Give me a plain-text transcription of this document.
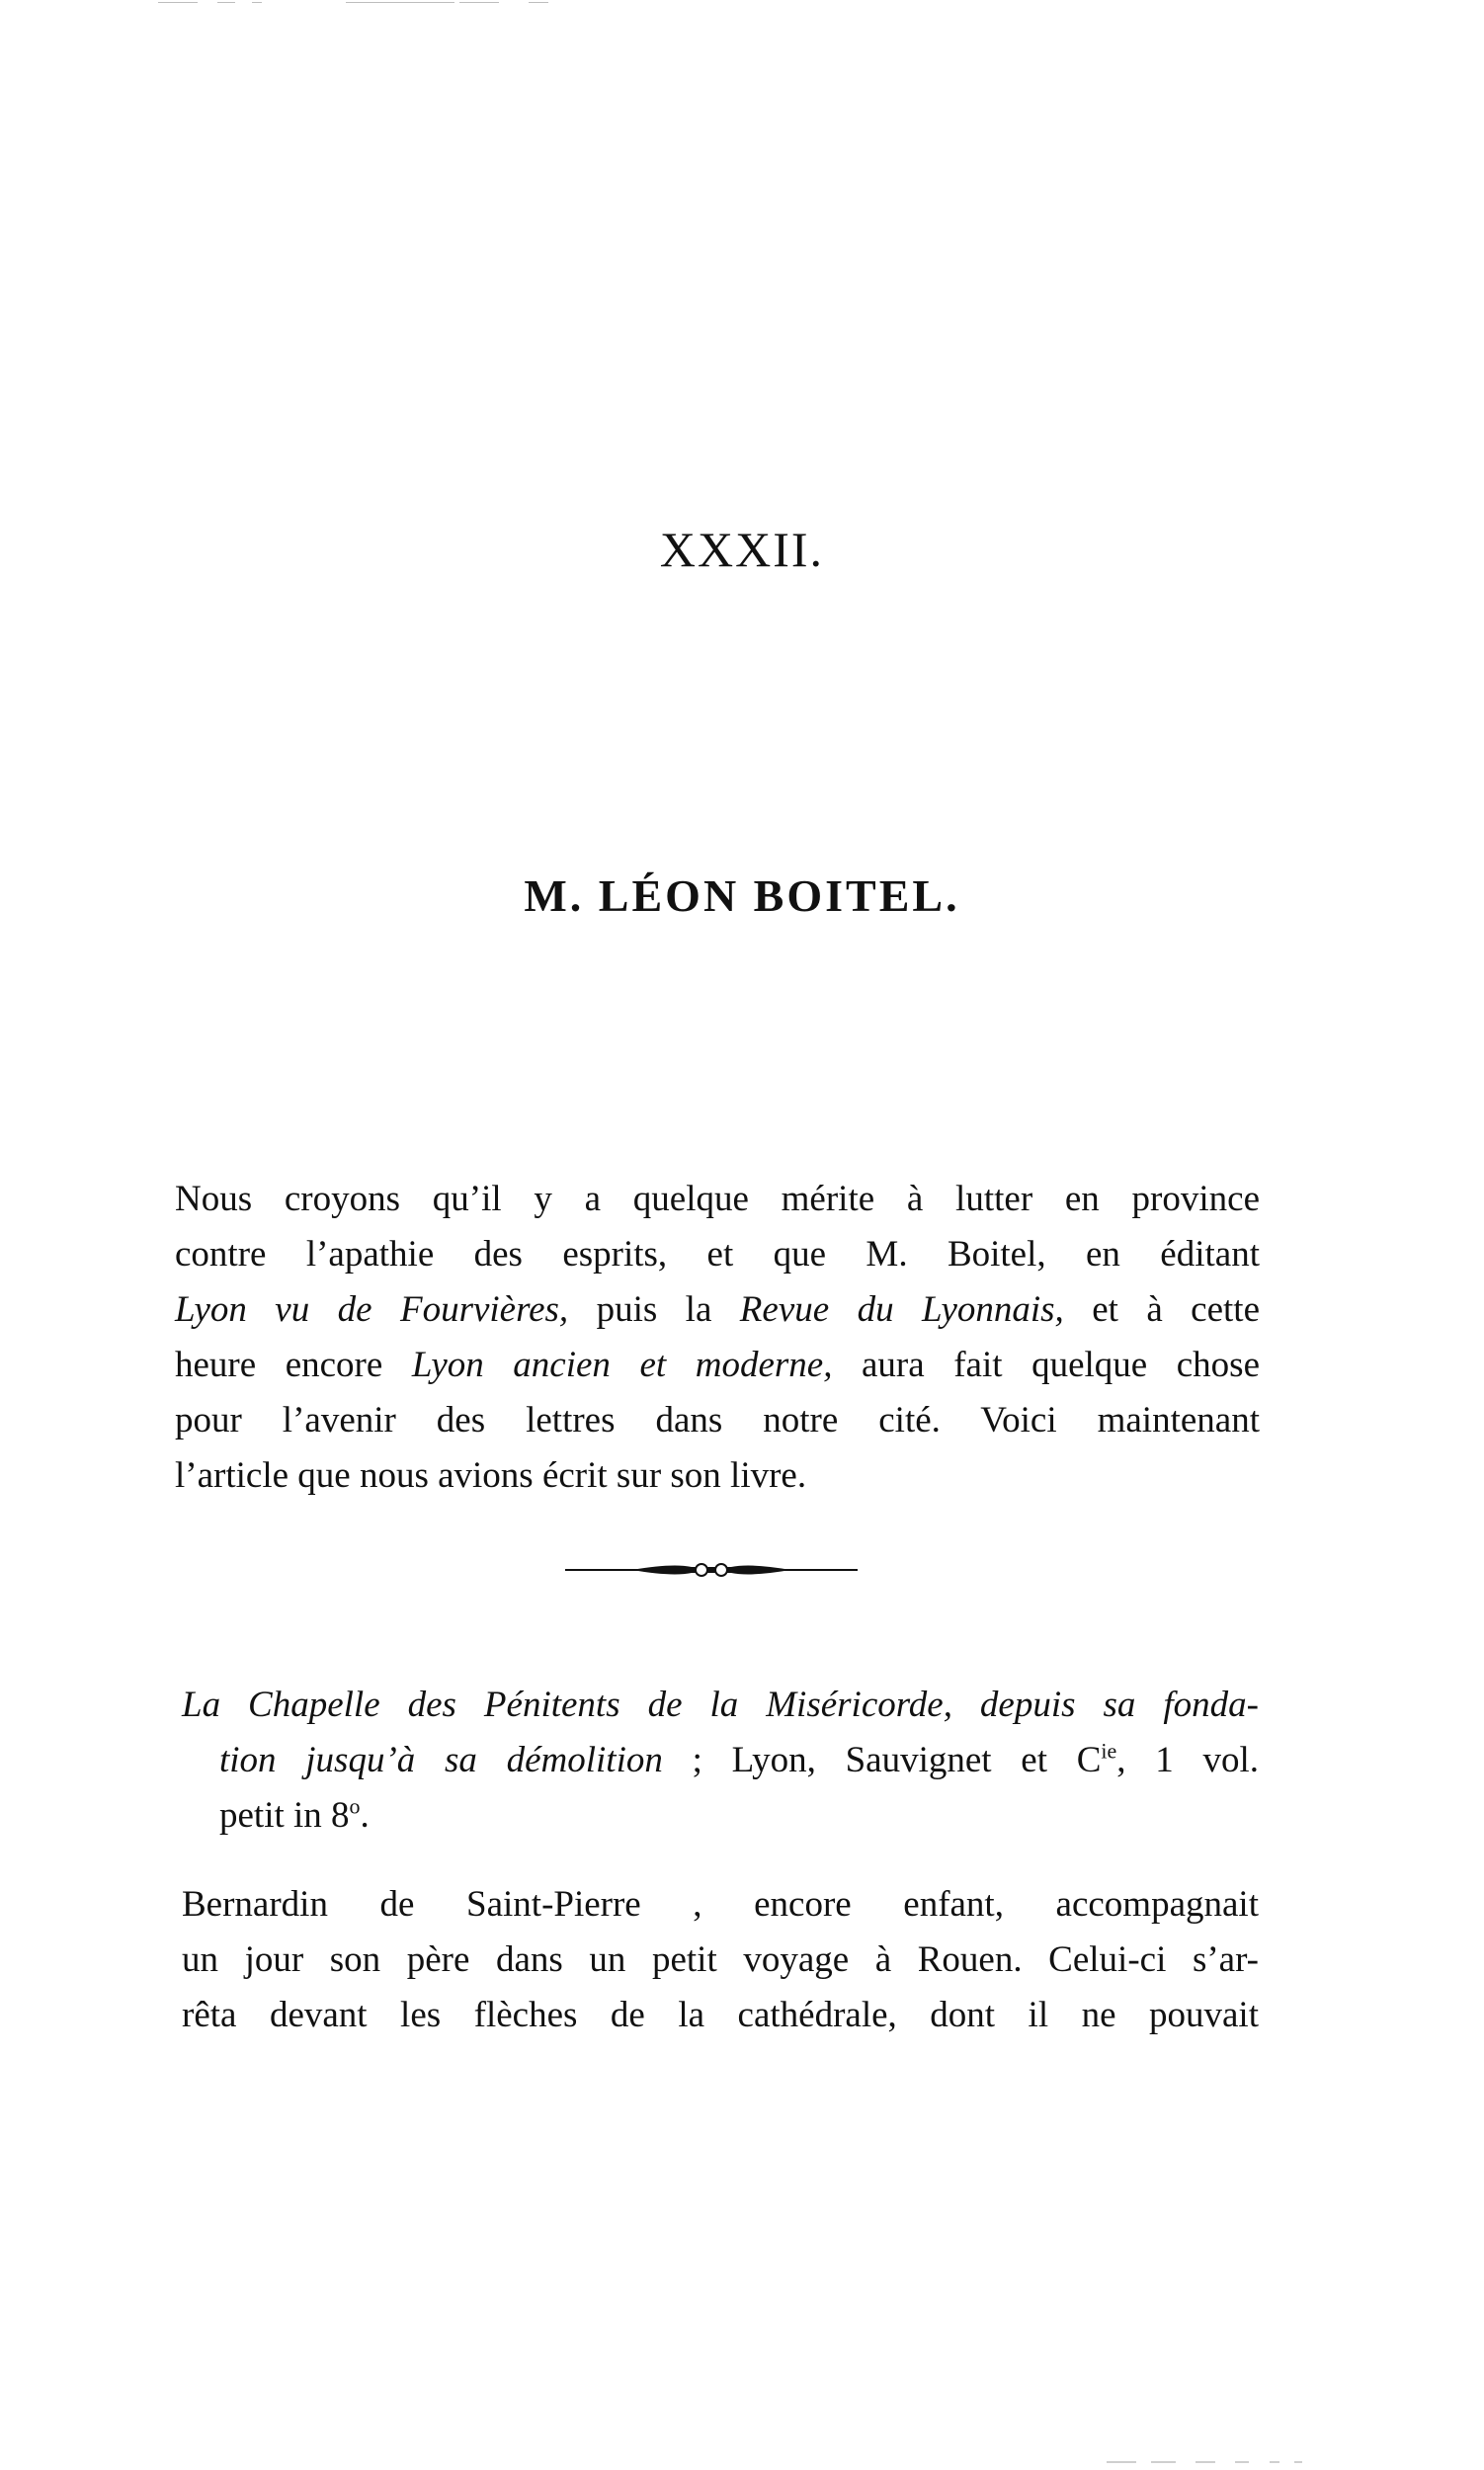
XXXII.
M. LÉON BOITEL.
Nous croyons qu’il y a quelque mérite à lutter en province
contre l’apathie des esprits, et que M. Boitel, en éditant
Lyon vu de Fourvières, puis la Revue du Lyonnais, et à cette
heure encore Lyon ancien et moderne, aura fait quelque chose
pour l’avenir des lettres dans notre cité. Voici maintenant
l’article que nous avions écrit sur son livre.
La Chapelle des Pénitents de la Miséricorde, depuis sa fonda-
tion jusqu’à sa démolition ; Lyon, Sauvignet et $C^{ie}$, 1 vol.
petit in 8$^o$.
Bernardin de Saint-Pierre , encore enfant, accompagnait
un jour son père dans un petit voyage à Rouen. Celui-ci s’ar-
rêta devant les flèches de la cathédrale, dont il ne pouvait
